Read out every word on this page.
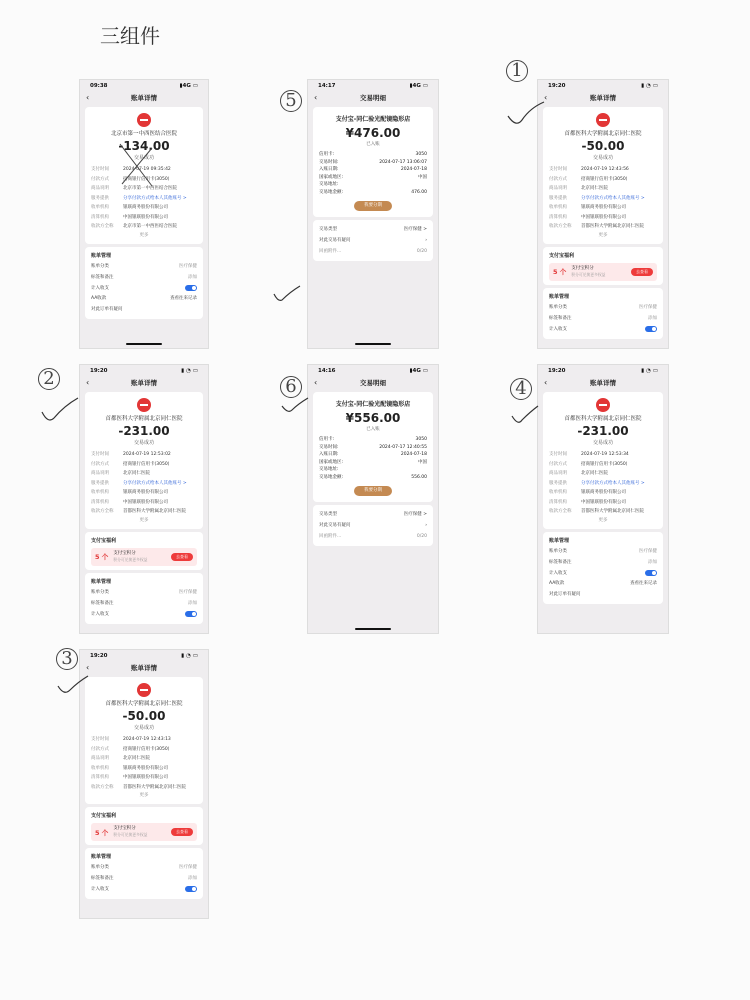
三组件
09:38	▮4G ▭
‹	账单详情
北京市第一中西医结合医院
-134.00
交易成功
支付时间	2024-07-19 09:35:42
付款方式	招商银行信用卡(3050)
商品说明	北京市第一中西医结合医院
服务提供	分享付款方式给本人其他账号 >
收单机构	银联商务股份有限公司
清算机构	中国银联股份有限公司
收款方全称	北京市第一中西医结合医院
更多
账单管理
账单分类	医疗保健
标签和备注	添加
计入收支
AA收款	查看往来记录
对此订单有疑问
14:17	▮4G ▭
‹	交易明细
支付宝-同仁验光配镜隐形店
¥476.00
已入账
信用卡:	3050
交易时间:	2024-07-17 13:06:07
入账日期:	2024-07-18
国家或地区:	中国
交易地址:
交易地金额:	476.00
我要分期
交易类型	医疗保健 >
对此交易有疑问	›
回函附件...	0/20
19:20	▮ ◔ ▭
‹	账单详情
首都医科大学附属北京同仁医院
-50.00
交易成功
支付时间	2024-07-19 12:43:56
付款方式	招商银行信用卡(3050)
商品说明	北京同仁医院
服务提供	分享付款方式给本人其他账号 >
收单机构	银联商务股份有限公司
清算机构	中国银联股份有限公司
收款方全称	首都医科大学附属北京同仁医院
更多
支付宝福利
5 个 支付宝积分
积分可兑换更多权益
去查看
账单管理
账单分类	医疗保健
标签和备注	添加
计入收支
19:20	▮ ◔ ▭
‹	账单详情
首都医科大学附属北京同仁医院
-231.00
交易成功
支付时间	2024-07-19 12:53:02
付款方式	招商银行信用卡(3050)
商品说明	北京同仁医院
服务提供	分享付款方式给本人其他账号 >
收单机构	银联商务股份有限公司
清算机构	中国银联股份有限公司
收款方全称	首都医科大学附属北京同仁医院
更多
支付宝福利
5 个 支付宝积分
积分可兑换更多权益
去查看
账单管理
账单分类	医疗保健
标签和备注	添加
计入收支
14:16	▮4G ▭
‹	交易明细
支付宝-同仁验光配镜隐形店
¥556.00
已入账
信用卡:	3050
交易时间:	2024-07-17 12:40:55
入账日期:	2024-07-18
国家或地区:	中国
交易地址:
交易地金额:	556.00
我要分期
交易类型	医疗保健 >
对此交易有疑问	›
回函附件...	0/20
19:20	▮ ◔ ▭
‹	账单详情
首都医科大学附属北京同仁医院
-231.00
交易成功
支付时间	2024-07-19 12:53:34
付款方式	招商银行信用卡(3050)
商品说明	北京同仁医院
服务提供	分享付款方式给本人其他账号 >
收单机构	银联商务股份有限公司
清算机构	中国银联股份有限公司
收款方全称	首都医科大学附属北京同仁医院
更多
账单管理
账单分类	医疗保健
标签和备注	添加
计入收支
AA收款	查看往来记录
对此订单有疑问
19:20	▮ ◔ ▭
‹	账单详情
首都医科大学附属北京同仁医院
-50.00
交易成功
支付时间	2024-07-19 12:43:13
付款方式	招商银行信用卡(3050)
商品说明	北京同仁医院
收单机构	银联商务股份有限公司
清算机构	中国银联股份有限公司
收款方全称	首都医科大学附属北京同仁医院
更多
支付宝福利
5 个 支付宝积分
积分可兑换更多权益
去查看
账单管理
账单分类	医疗保健
标签和备注	添加
计入收支
5
1
2	6	4
3
